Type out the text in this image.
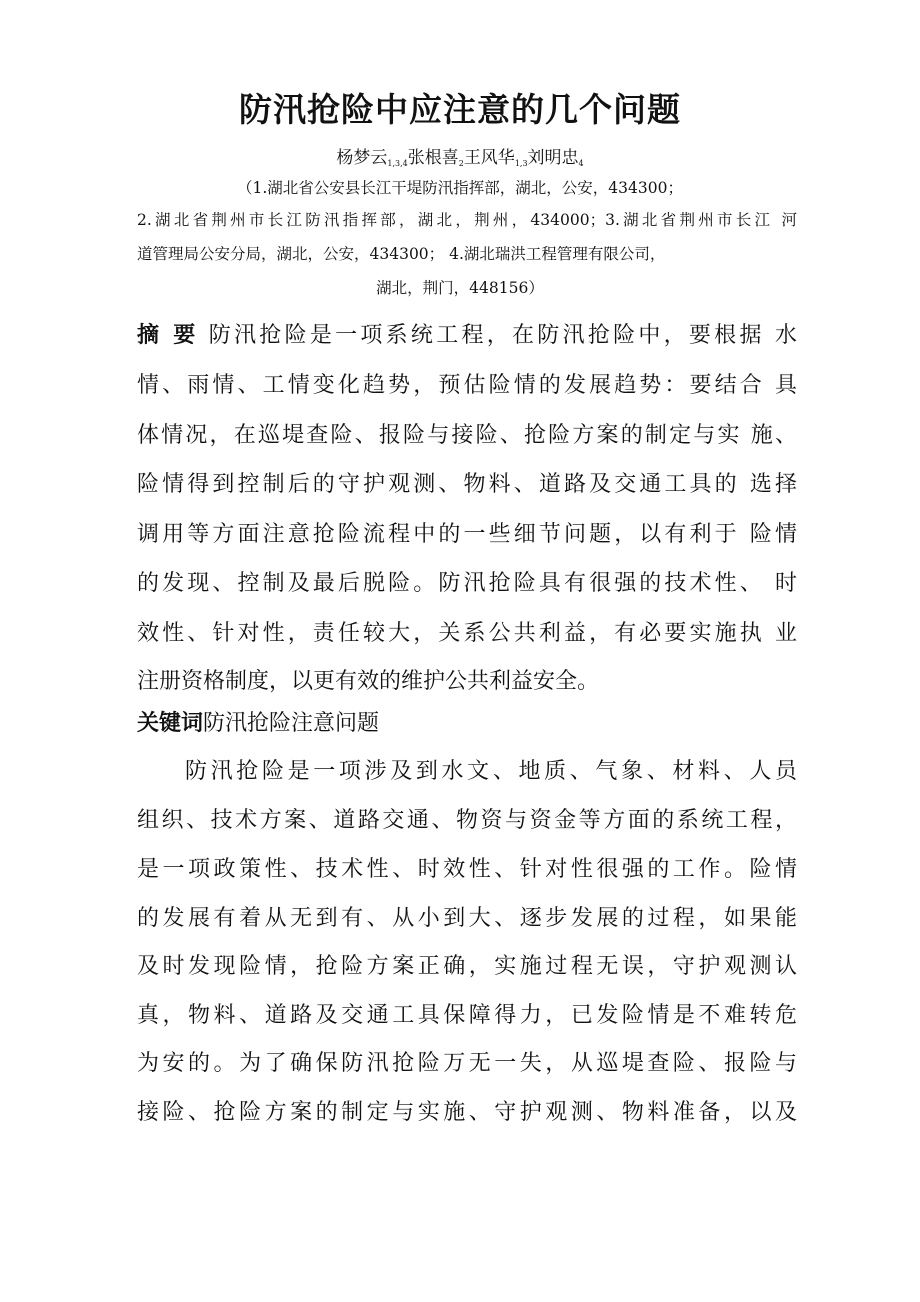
防汛抢险中应注意的几个问题
杨梦云$_{1,3,4}$张根喜$_2$王风华$_{1,3}$刘明忠$_4$
（1.湖北省公安县长江干堤防汛指挥部，湖北，公安，434300；
2.湖北省荆州市长江防汛指挥部，湖北，荆州，434000；3.湖北省荆州市长江 河
道管理局公安分局，湖北，公安，434300； 4.湖北瑞洪工程管理有限公司，
湖北，荆门，448156）
摘 要 防汛抢险是一项系统工程，在防汛抢险中，要根据 水
情、雨情、工情变化趋势，预估险情的发展趋势：要结合 具
体情况，在巡堤查险、报险与接险、抢险方案的制定与实 施、
险情得到控制后的守护观测、物料、道路及交通工具的 选择
调用等方面注意抢险流程中的一些细节问题，以有利于 险情
的发现、控制及最后脱险。防汛抢险具有很强的技术性、 时
效性、针对性，责任较大，关系公共利益，有必要实施执 业
注册资格制度，以更有效的维护公共利益安全。
关键词防汛抢险注意问题
防汛抢险是一项涉及到水文、地质、气象、材料、人员
组织、技术方案、道路交通、物资与资金等方面的系统工程，
是一项政策性、技术性、时效性、针对性很强的工作。险情
的发展有着从无到有、从小到大、逐步发展的过程，如果能
及时发现险情，抢险方案正确，实施过程无误，守护观测认
真，物料、道路及交通工具保障得力，已发险情是不难转危
为安的。为了确保防汛抢险万无一失，从巡堤查险、报险与
接险、抢险方案的制定与实施、守护观测、物料准备，以及
